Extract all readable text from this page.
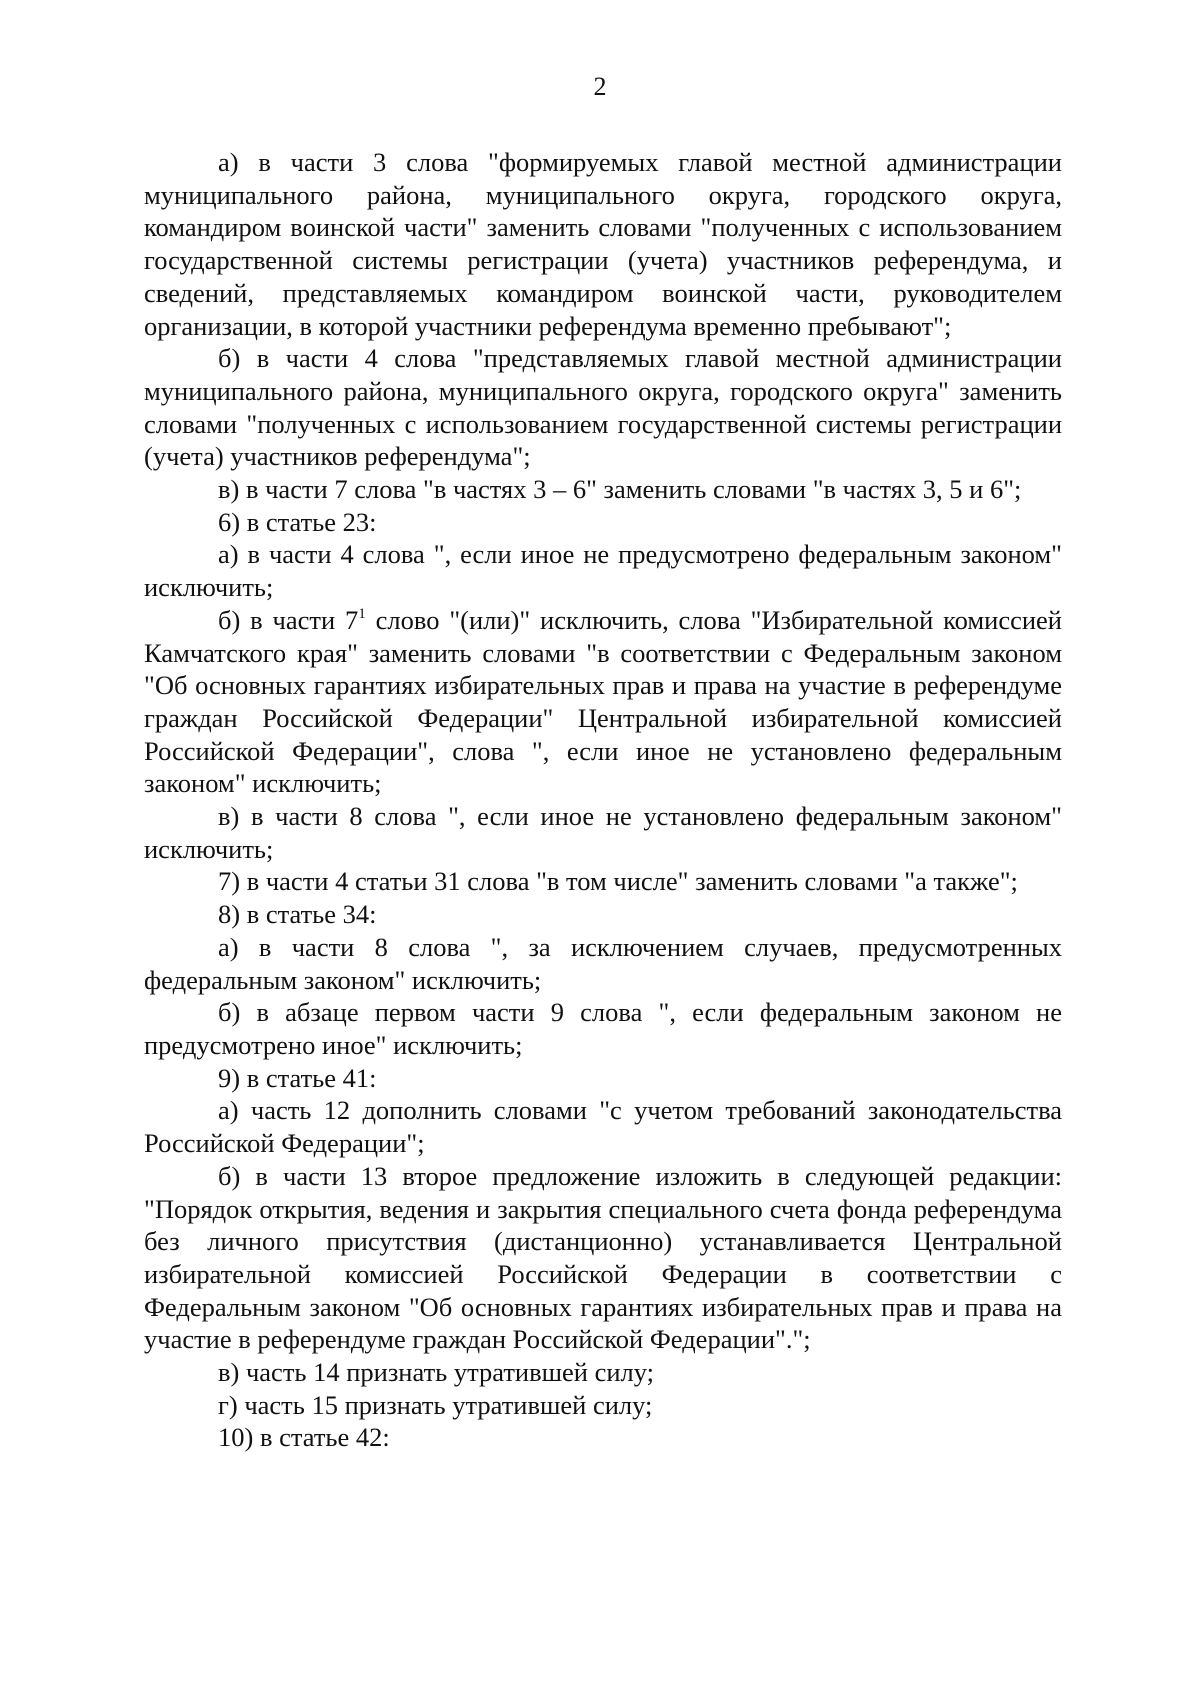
2

а) в части 3 слова "формируемых главой местной администрации муниципального района, муниципального округа, городского округа, командиром воинской части" заменить словами "полученных с использованием государственной системы регистрации (учета) участников референдума, и сведений, представляемых командиром воинской части, руководителем организации, в которой участники референдума временно пребывают";

б) в части 4 слова "представляемых главой местной администрации муниципального района, муниципального округа, городского округа" заменить словами "полученных с использованием государственной системы регистрации (учета) участников референдума";

в) в части 7 слова "в частях 3 – 6" заменить словами "в частях 3, 5 и 6";

6) в статье 23:

а) в части 4 слова ", если иное не предусмотрено федеральным законом" исключить;

б) в части $7^1$ слово "(или)" исключить, слова "Избирательной комиссией Камчатского края" заменить словами "в соответствии с Федеральным законом "Об основных гарантиях избирательных прав и права на участие в референдуме граждан Российской Федерации" Центральной избирательной комиссией Российской Федерации", слова ", если иное не установлено федеральным законом" исключить;

в) в части 8 слова ", если иное не установлено федеральным законом" исключить;

7) в части 4 статьи 31 слова "в том числе" заменить словами "а также";

8) в статье 34:

а) в части 8 слова ", за исключением случаев, предусмотренных федеральным законом" исключить;

б) в абзаце первом части 9 слова ", если федеральным законом не предусмотрено иное" исключить;

9) в статье 41:

а) часть 12 дополнить словами "с учетом требований законодательства Российской Федерации";

б) в части 13 второе предложение изложить в следующей редакции: "Порядок открытия, ведения и закрытия специального счета фонда референдума без личного присутствия (дистанционно) устанавливается Центральной избирательной комиссией Российской Федерации в соответствии с Федеральным законом "Об основных гарантиях избирательных прав и права на участие в референдуме граждан Российской Федерации".";

в) часть 14 признать утратившей силу;

г) часть 15 признать утратившей силу;

10) в статье 42:
